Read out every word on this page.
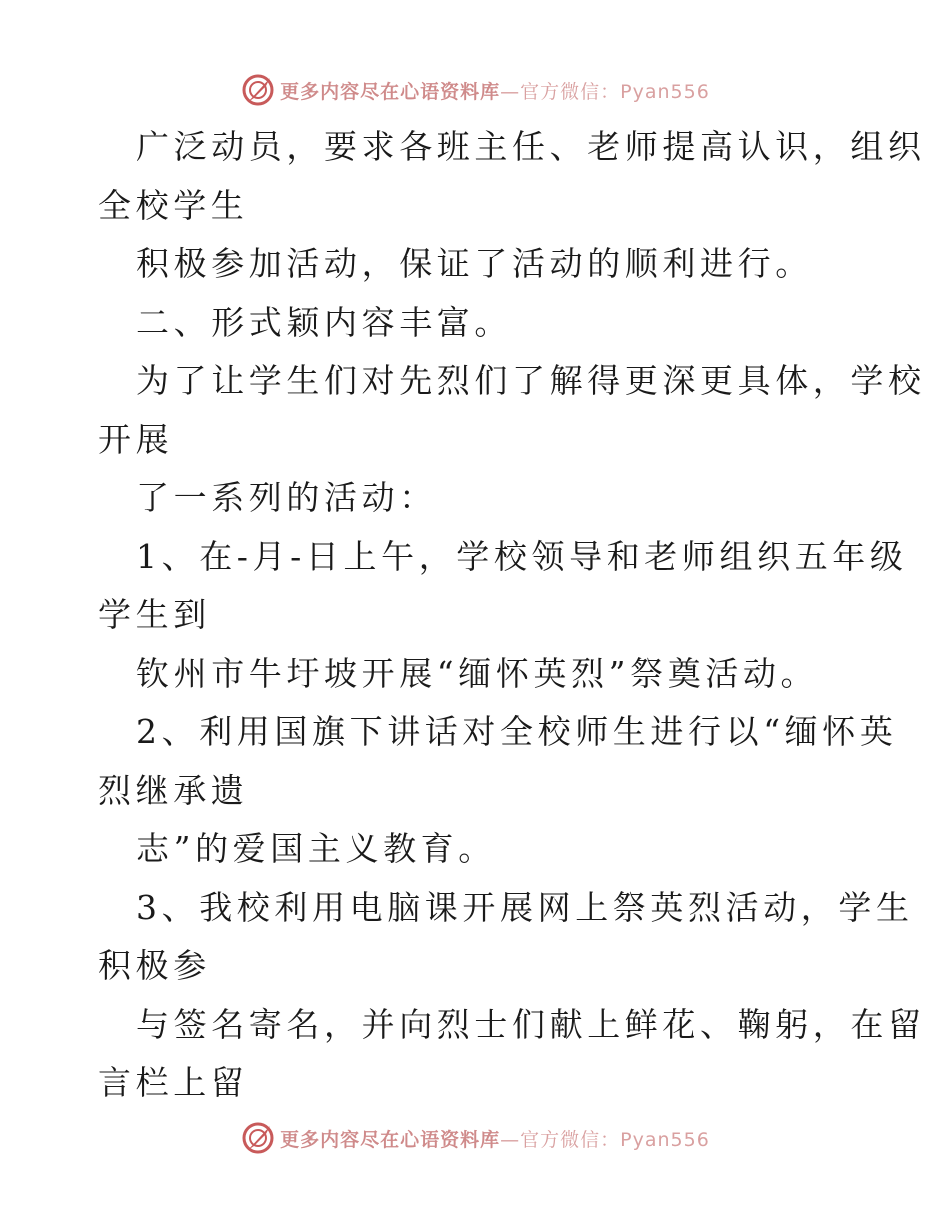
更多内容尽在心语资料库—官方微信：Pyan556
广泛动员，要求各班主任、老师提高认识，组织
全校学生
积极参加活动，保证了活动的顺利进行。
二、形式颖内容丰富。
为了让学生们对先烈们了解得更深更具体，学校
开展
了一系列的活动：
1、在-月-日上午，学校领导和老师组织五年级
学生到
钦州市牛圩坡开展“缅怀英烈”祭奠活动。
2、利用国旗下讲话对全校师生进行以“缅怀英
烈继承遗
志”的爱国主义教育。
3、我校利用电脑课开展网上祭英烈活动，学生
积极参
与签名寄名，并向烈士们献上鲜花、鞠躬，在留
言栏上留
更多内容尽在心语资料库—官方微信：Pyan556
